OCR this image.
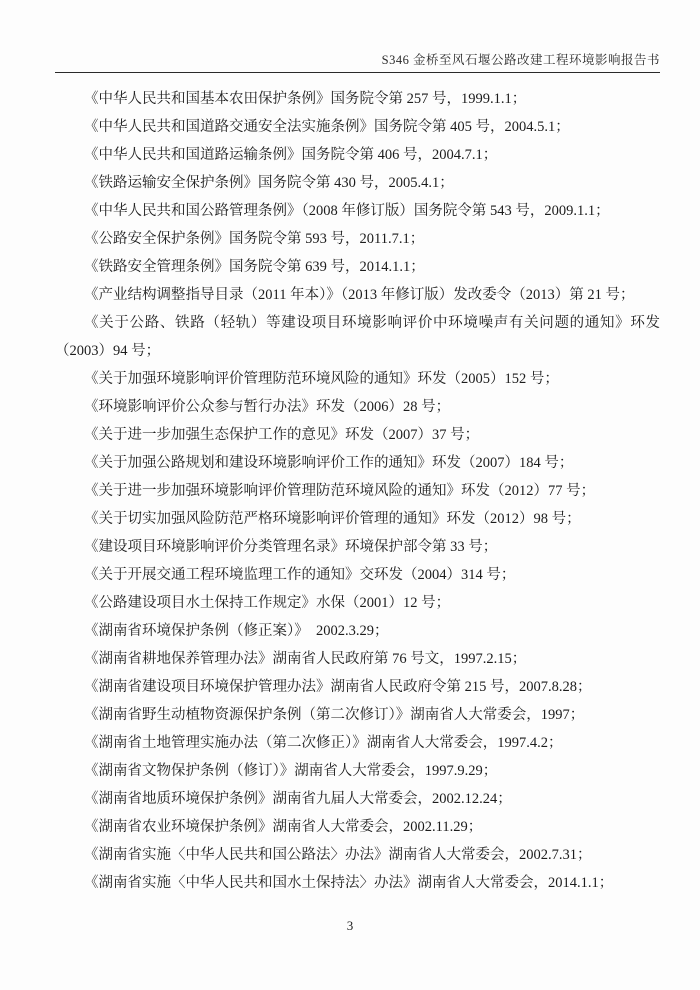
S346 金桥至风石堰公路改建工程环境影响报告书

《中华人民共和国基本农田保护条例》国务院令第 257 号，1999.1.1；

《中华人民共和国道路交通安全法实施条例》国务院令第 405 号，2004.5.1；

《中华人民共和国道路运输条例》国务院令第 406 号，2004.7.1；

《铁路运输安全保护条例》国务院令第 430 号，2005.4.1；

《中华人民共和国公路管理条例》（2008 年修订版）国务院令第 543 号，2009.1.1；

《公路安全保护条例》国务院令第 593 号，2011.7.1；

《铁路安全管理条例》国务院令第 639 号，2014.1.1；

《产业结构调整指导目录（2011 年本）》（2013 年修订版）发改委令（2013）第 21 号；

《关于公路、铁路（轻轨）等建设项目环境影响评价中环境噪声有关问题的通知》环发（2003）94 号；

《关于加强环境影响评价管理防范环境风险的通知》环发（2005）152 号；

《环境影响评价公众参与暂行办法》环发（2006）28 号；

《关于进一步加强生态保护工作的意见》环发（2007）37 号；

《关于加强公路规划和建设环境影响评价工作的通知》环发（2007）184 号；

《关于进一步加强环境影响评价管理防范环境风险的通知》环发（2012）77 号；

《关于切实加强风险防范严格环境影响评价管理的通知》环发（2012）98 号；

《建设项目环境影响评价分类管理名录》环境保护部令第 33 号；

《关于开展交通工程环境监理工作的通知》交环发（2004）314 号；

《公路建设项目水土保持工作规定》水保（2001）12 号；

《湖南省环境保护条例（修正案）》　2002.3.29；

《湖南省耕地保养管理办法》湖南省人民政府第 76 号文，1997.2.15；

《湖南省建设项目环境保护管理办法》湖南省人民政府令第 215 号，2007.8.28；

《湖南省野生动植物资源保护条例（第二次修订）》湖南省人大常委会，1997；

《湖南省土地管理实施办法（第二次修正）》湖南省人大常委会，1997.4.2；

《湖南省文物保护条例（修订）》湖南省人大常委会，1997.9.29；

《湖南省地质环境保护条例》湖南省九届人大常委会，2002.12.24；

《湖南省农业环境保护条例》湖南省人大常委会，2002.11.29；

《湖南省实施〈中华人民共和国公路法〉办法》湖南省人大常委会，2002.7.31；

《湖南省实施〈中华人民共和国水土保持法〉办法》湖南省人大常委会，2014.1.1；

3
